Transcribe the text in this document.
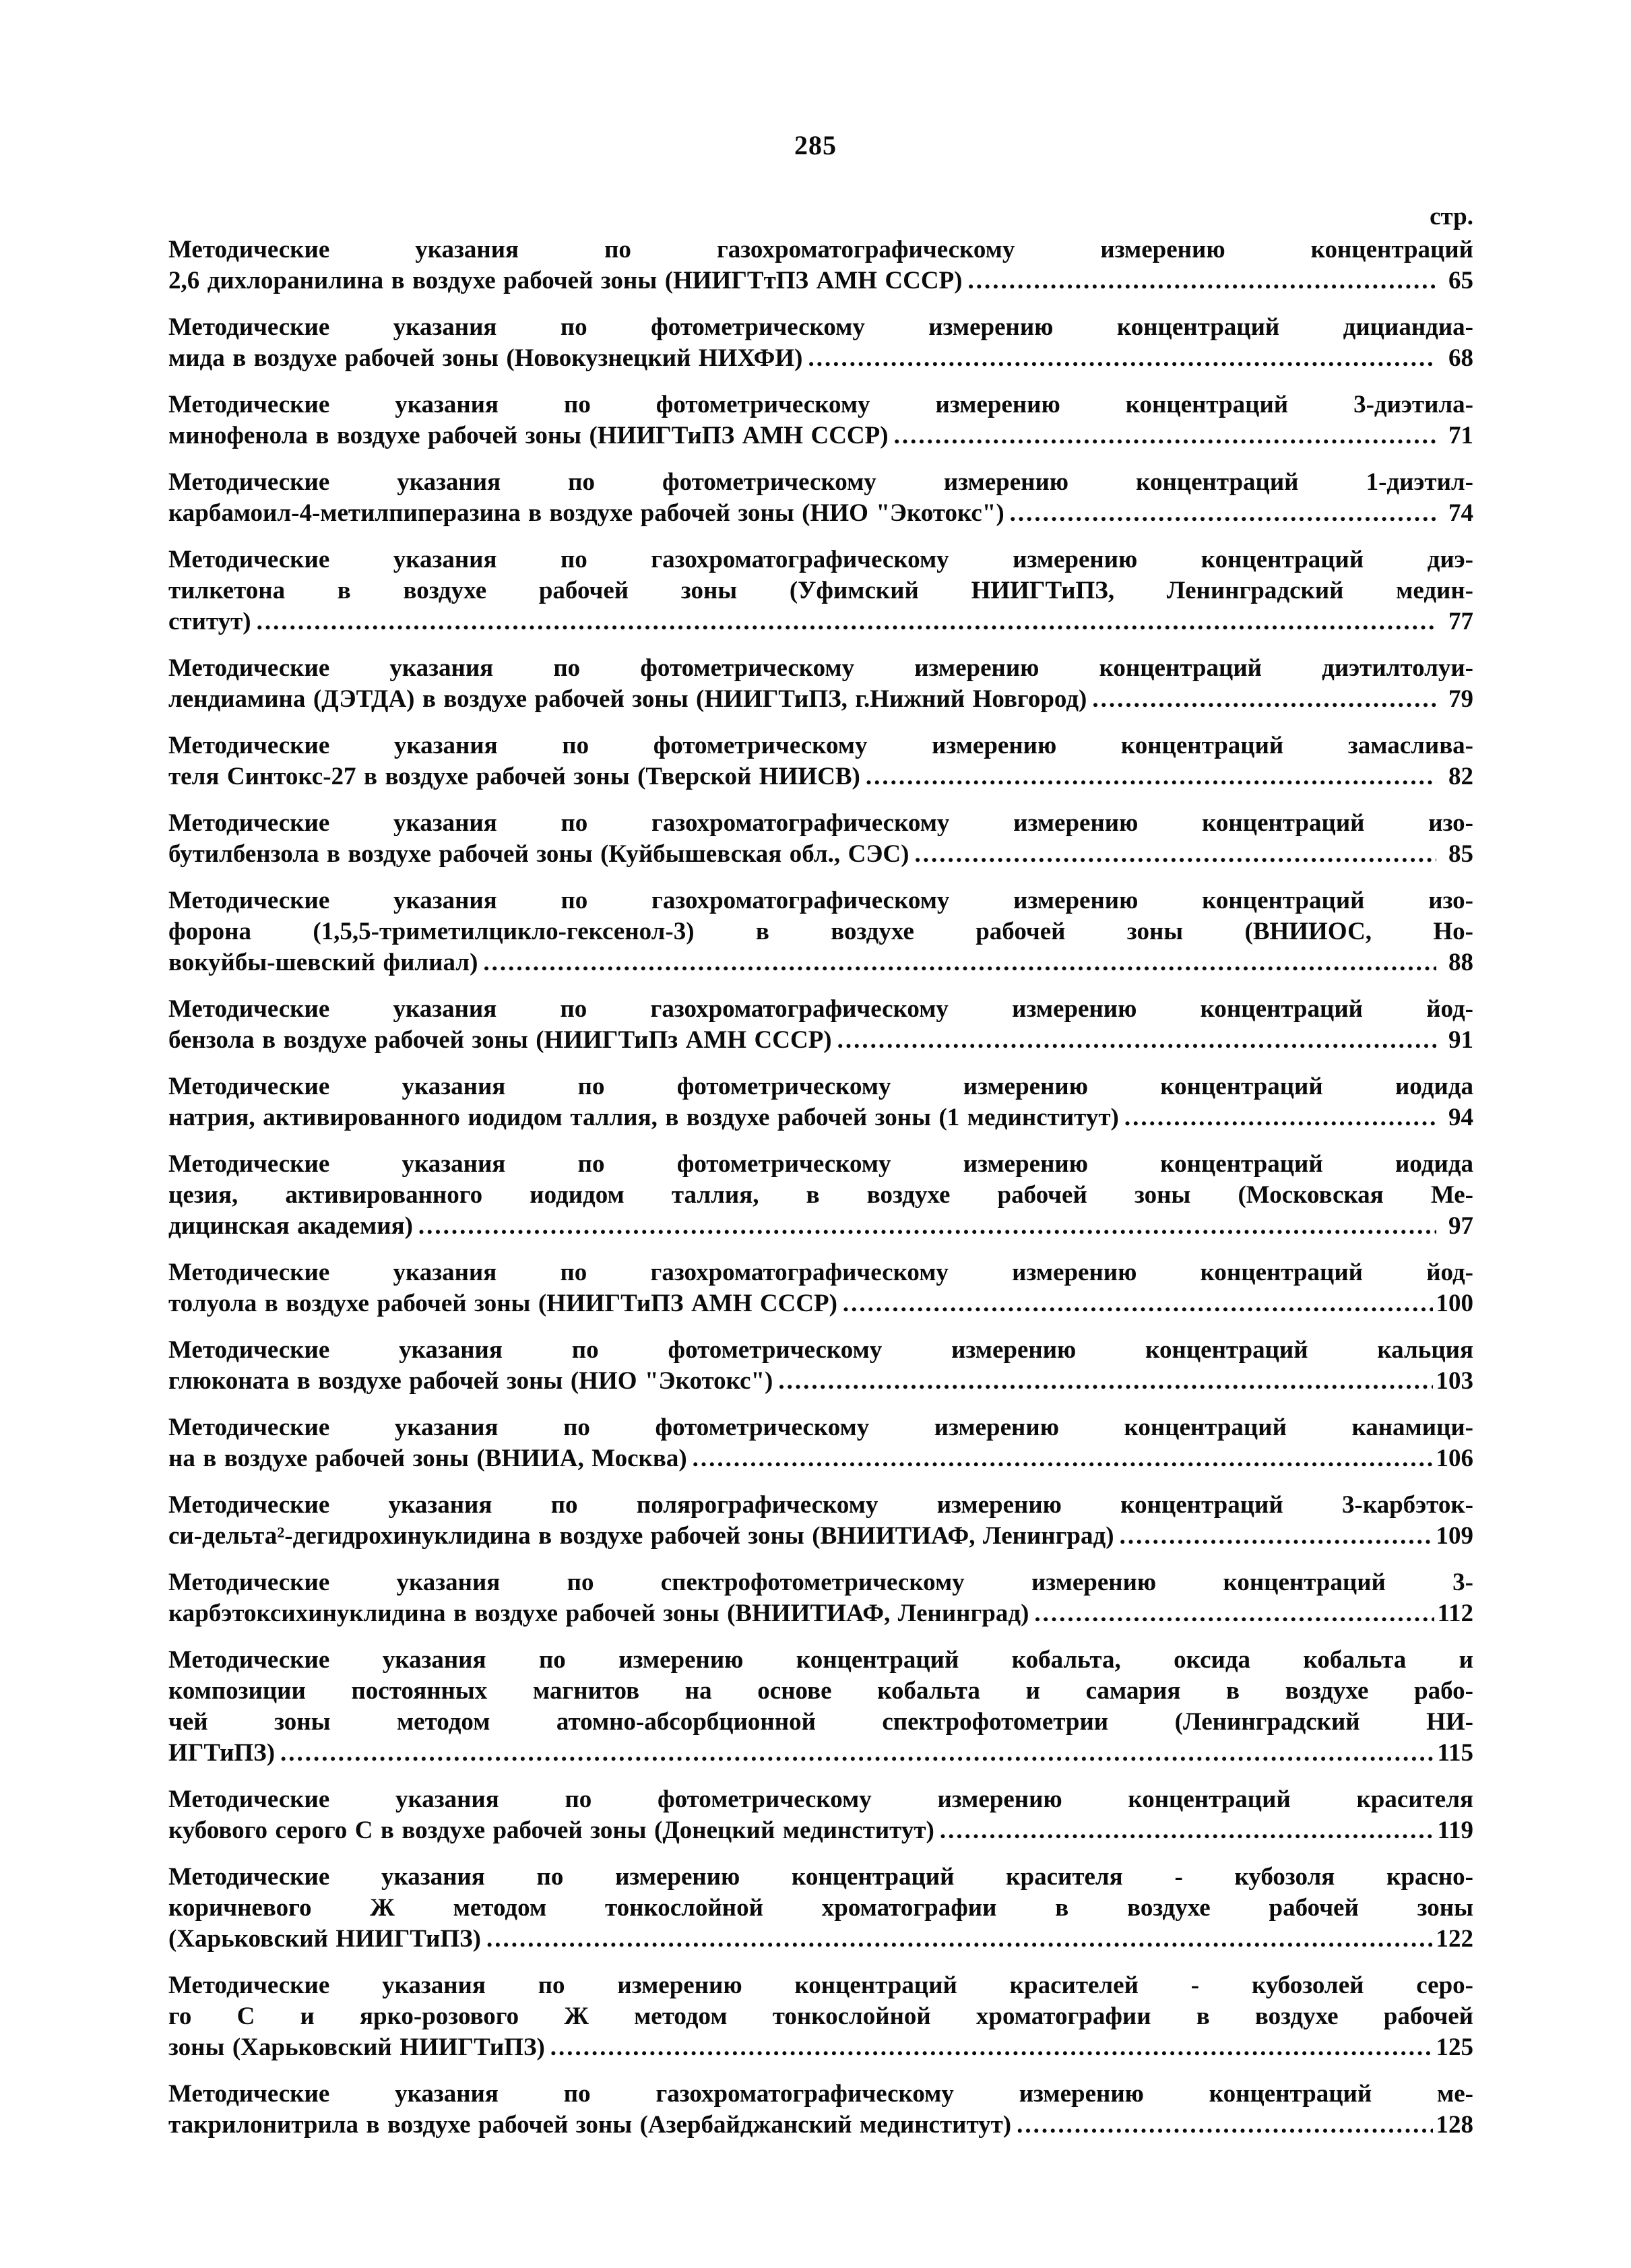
285
стр.
Методические указания по газохроматографическому измерению концентраций
2,6 дихлоранилина в воздухе рабочей зоны (НИИГТтПЗ АМН СССР) .....	65
Методические указания по фотометрическому измерению концентраций дициандиа-
мида в воздухе рабочей зоны (Новокузнецкий НИХФИ) .....	68
Методические указания по фотометрическому измерению концентраций 3-диэтила-
минофенола в воздухе рабочей зоны (НИИГТиПЗ АМН СССР) .....	71
Методические указания по фотометрическому измерению концентраций 1-диэтил-
карбамоил-4-метилпиперазина в воздухе рабочей зоны (НИО "Экотокс") .....	74
Методические указания по газохроматографическому измерению концентраций диэ-
тилкетона в воздухе рабочей зоны (Уфимский НИИГТиПЗ, Ленинградский медин-
ститут) .....	77
Методические указания по фотометрическому измерению концентраций диэтилтолуи-
лендиамина (ДЭТДА) в воздухе рабочей зоны (НИИГТиПЗ, г.Нижний Новгород) .....	79
Методические указания по фотометрическому измерению концентраций замаслива-
теля Синтокс-27 в воздухе рабочей зоны (Тверской НИИСВ) .....	82
Методические указания по газохроматографическому измерению концентраций изо-
бутилбензола в воздухе рабочей зоны (Куйбышевская обл., СЭС) .....	85
Методические указания по газохроматографическому измерению концентраций изо-
форона (1,5,5-триметилцикло-гексенол-3) в воздухе рабочей зоны (ВНИИОС, Но-
вокуйбы-шевский филиал) .....	88
Методические указания по газохроматографическому измерению концентраций йод-
бензола в воздухе рабочей зоны (НИИГТиПз АМН СССР) .....	91
Методические указания по фотометрическому измерению концентраций иодида
натрия, активированного иодидом таллия, в воздухе рабочей зоны (1 мединститут) .....	94
Методические указания по фотометрическому измерению концентраций иодида
цезия, активированного иодидом таллия, в воздухе рабочей зоны (Московская Ме-
дицинская академия) .....	97
Методические указания по газохроматографическому измерению концентраций йод-
толуола в воздухе рабочей зоны (НИИГТиПЗ АМН СССР) .....	100
Методические указания по фотометрическому измерению концентраций кальция
глюконата в воздухе рабочей зоны (НИО "Экотокс") .....	103
Методические указания по фотометрическому измерению концентраций канамици-
на в воздухе рабочей зоны (ВНИИА, Москва) .....	106
Методические указания по полярографическому измерению концентраций 3-карбэток-
си-дельта²-дегидрохинуклидина в воздухе рабочей зоны (ВНИИТИАФ, Ленинград) .....	109
Методические указания по спектрофотометрическому измерению концентраций 3-
карбэтоксихинуклидина в воздухе рабочей зоны (ВНИИТИАФ, Ленинград) .....	112
Методические указания по измерению концентраций кобальта, оксида кобальта и
композиции постоянных магнитов на основе кобальта и самария в воздухе рабо-
чей зоны методом атомно-абсорбционной спектрофотометрии (Ленинградский НИ-
ИГТиПЗ) .....	115
Методические указания по фотометрическому измерению концентраций красителя
кубового серого С в воздухе рабочей зоны (Донецкий мединститут) .....	119
Методические указания по измерению концентраций красителя - кубозоля красно-
коричневого Ж методом тонкослойной хроматографии в воздухе рабочей зоны
(Харьковский НИИГТиПЗ) .....	122
Методические указания по измерению концентраций красителей - кубозолей серо-
го С и ярко-розового Ж методом тонкослойной хроматографии в воздухе рабочей
зоны (Харьковский НИИГТиПЗ) .....	125
Методические указания по газохроматографическому измерению концентраций ме-
такрилонитрила в воздухе рабочей зоны (Азербайджанский мединститут) .....	128
